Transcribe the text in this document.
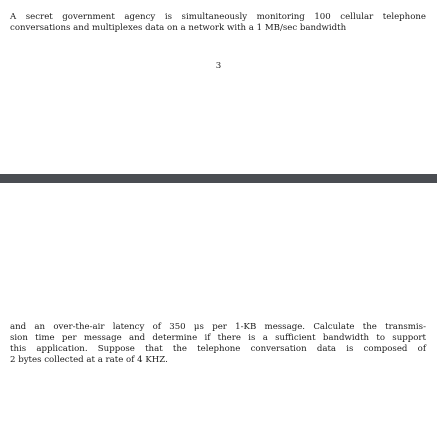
A secret government agency is simultaneously monitoring 100 cellular telephone
conversations and multiplexes data on a network with a 1 MB/sec bandwidth

3

and an over-the-air latency of 350 μs per 1-KB message. Calculate the transmis-
sion time per message and determine if there is a sufficient bandwidth to support
this application. Suppose that the telephone conversation data is composed of
2 bytes collected at a rate of 4 KHZ.
